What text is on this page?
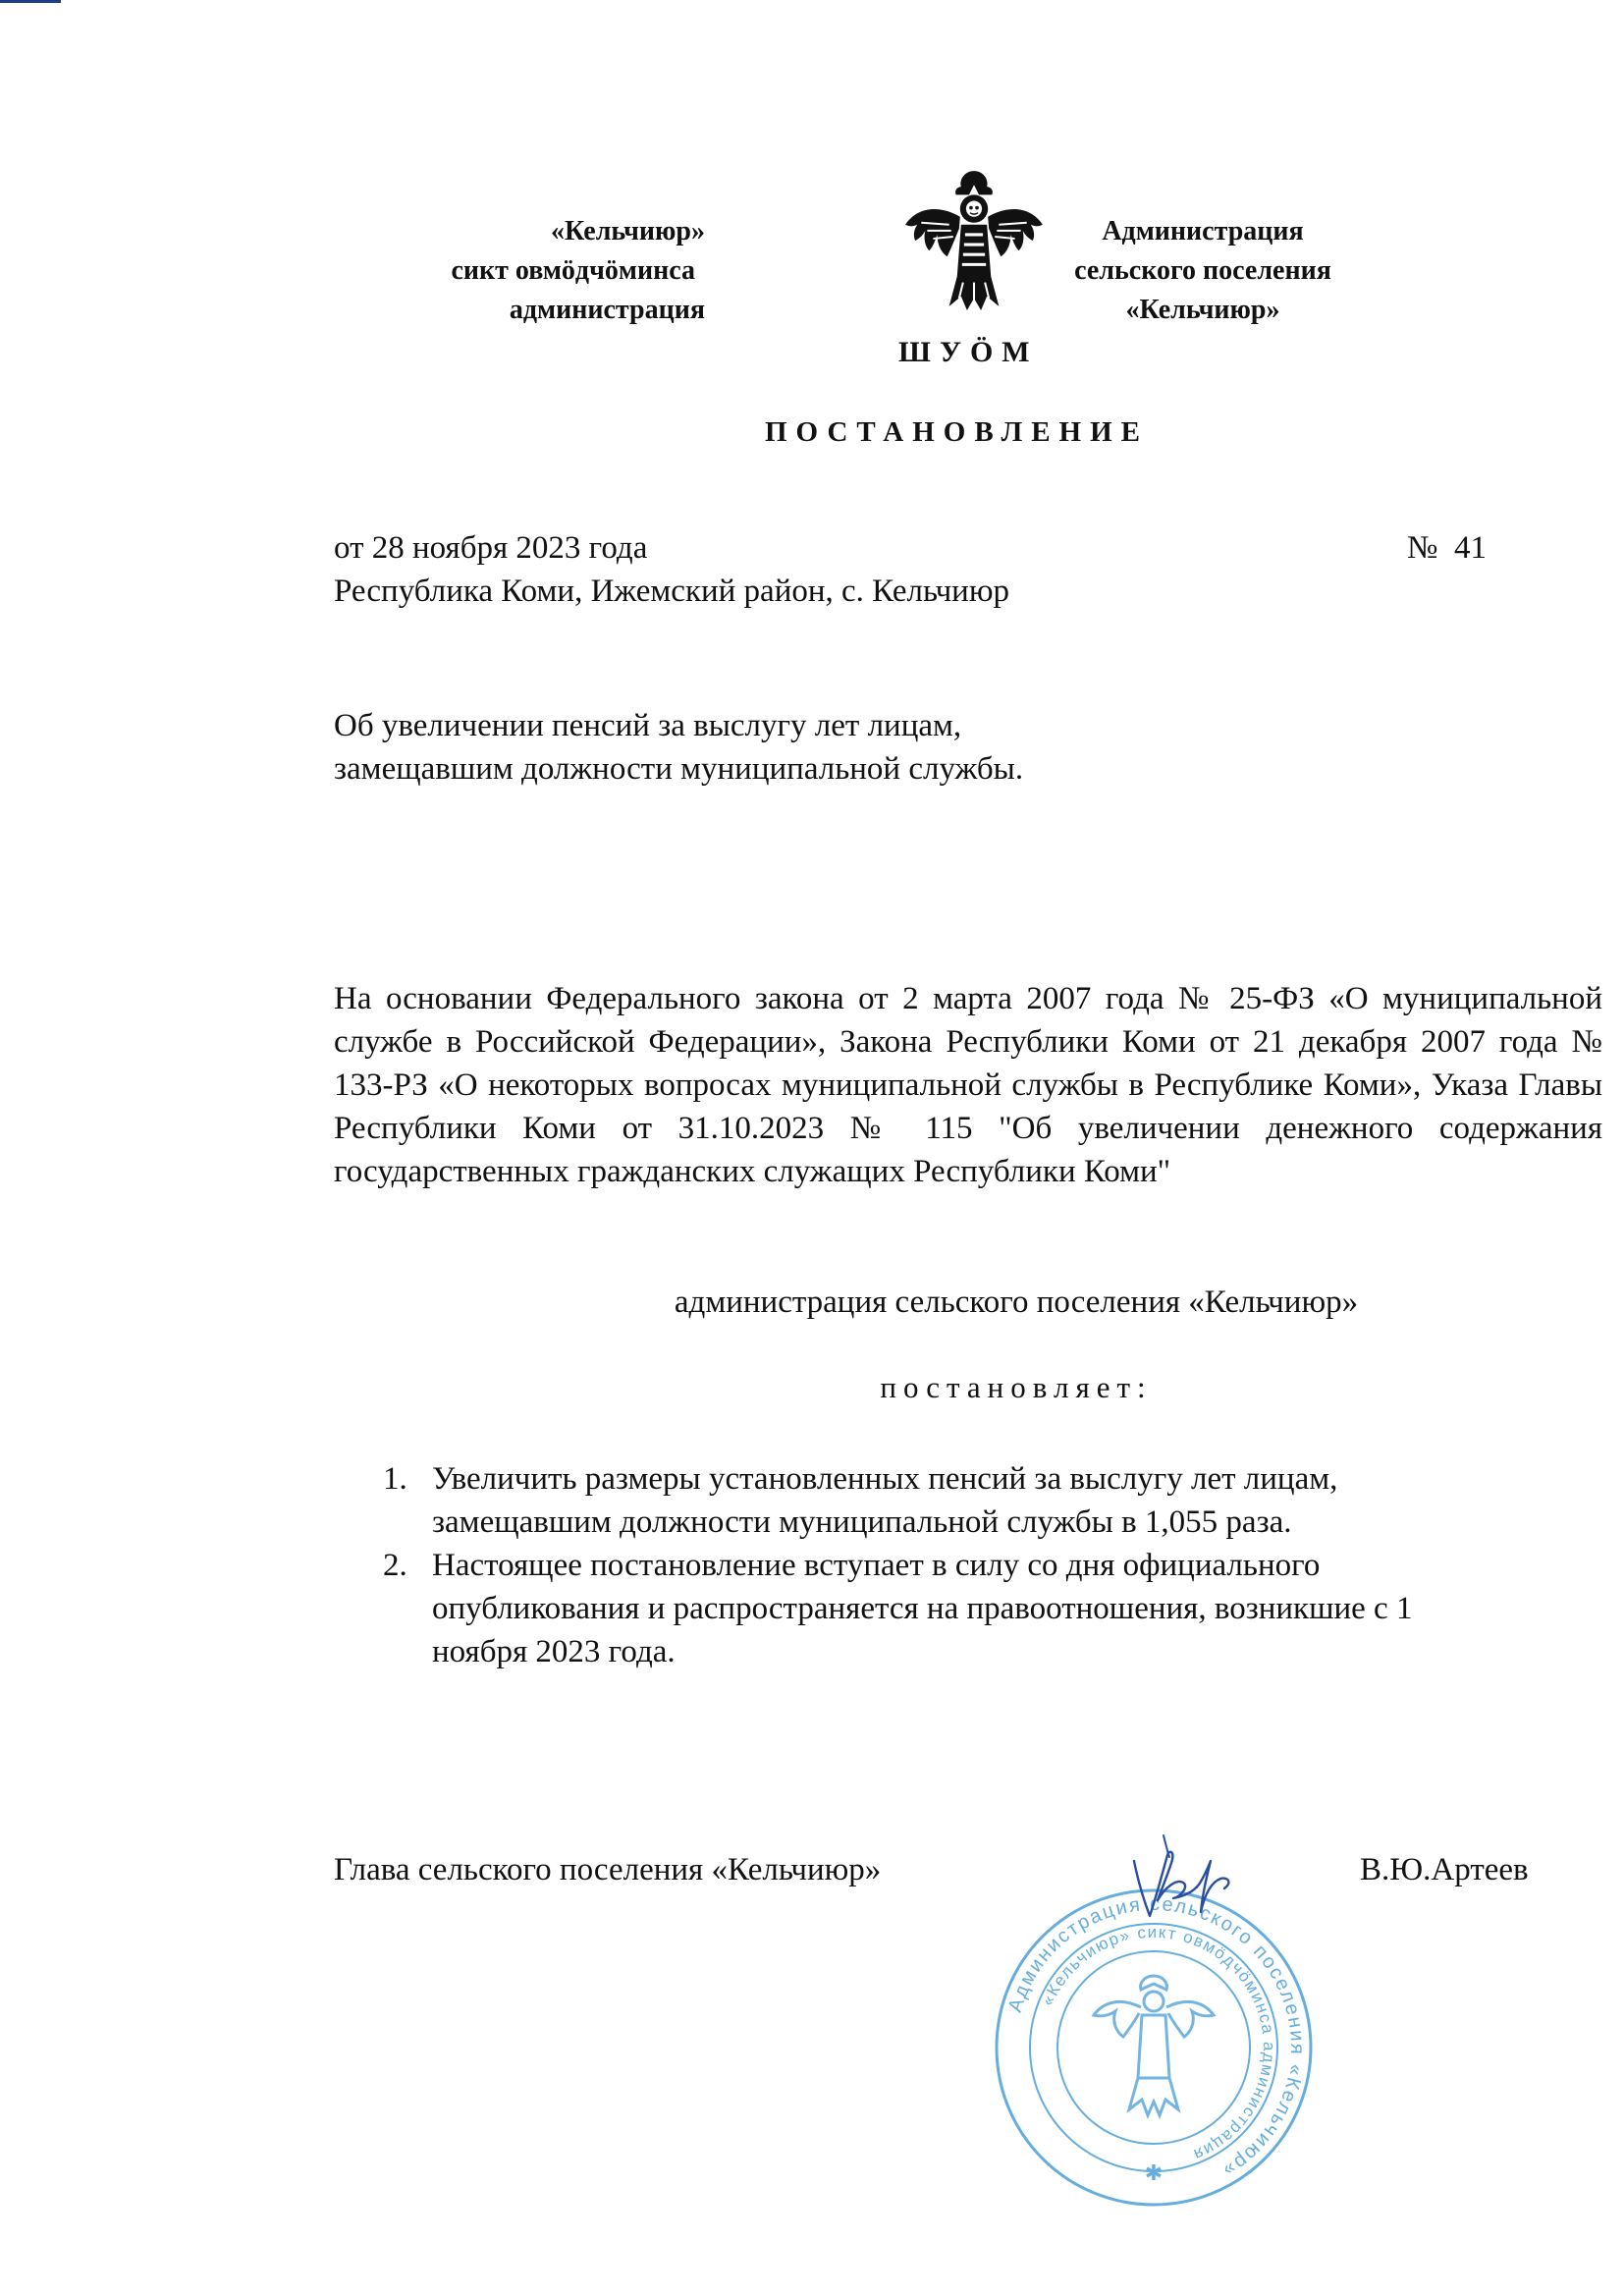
«Кельчиюр»
сикт овмӧдчӧминса
администрация
Администрация
сельского поселения
«Кельчиюр»
ШУӦМ
ПОСТАНОВЛЕНИЕ
от 28 ноября 2023 года	№  41
Республика Коми, Ижемский район, с. Кельчиюр
Об увеличении пенсий за выслугу лет лицам,
замещавшим должности муниципальной службы.
На основании Федерального закона от 2 марта 2007 года № 25-ФЗ «О муниципальной службе в Российской Федерации», Закона Республики Коми от 21 декабря 2007 года № 133-РЗ «О некоторых вопросах муниципальной службы в Республике Коми», Указа Главы Республики Коми от 31.10.2023 № 115 "Об увеличении денежного содержания государственных гражданских служащих Республики Коми"
администрация сельского поселения «Кельчиюр»
постановляет:
1. Увеличить размеры установленных пенсий за выслугу лет лицам,
замещавшим должности муниципальной службы в 1,055 раза.
2. Настоящее постановление вступает в силу со дня официального
опубликования и распространяется на правоотношения, возникшие с 1
ноября 2023 года.
Глава сельского поселения «Кельчиюр»	В.Ю.Артеев
Администрация сельского поселения «Кельчиюр»
«Кельчиюр» сикт овмӧдчӧминса администрация
✱
